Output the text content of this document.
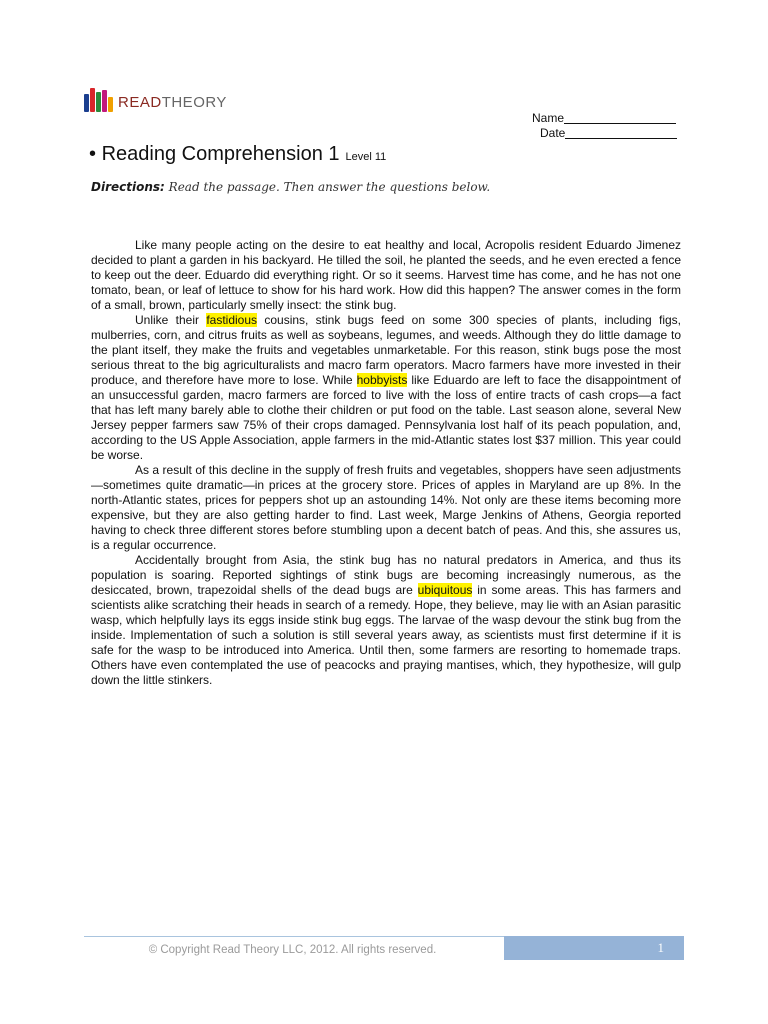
READTHEORY
Name
Date
• Reading Comprehension 1 Level 11
Directions: Read the passage. Then answer the questions below.

Like many people acting on the desire to eat healthy and local, Acropolis resident Eduardo Jimenez decided to plant a garden in his backyard. He tilled the soil, he planted the seeds, and he even erected a fence to keep out the deer. Eduardo did everything right. Or so it seems. Harvest time has come, and he has not one tomato, bean, or leaf of lettuce to show for his hard work. How did this happen? The answer comes in the form of a small, brown, particularly smelly insect: the stink bug.

Unlike their fastidious cousins, stink bugs feed on some 300 species of plants, including figs, mulberries, corn, and citrus fruits as well as soybeans, legumes, and weeds. Although they do little damage to the plant itself, they make the fruits and vegetables unmarketable. For this reason, stink bugs pose the most serious threat to the big agriculturalists and macro farm operators. Macro farmers have more invested in their produce, and therefore have more to lose. While hobbyists like Eduardo are left to face the disappointment of an unsuccessful garden, macro farmers are forced to live with the loss of entire tracts of cash crops—a fact that has left many barely able to clothe their children or put food on the table. Last season alone, several New Jersey pepper farmers saw 75% of their crops damaged. Pennsylvania lost half of its peach population, and, according to the US Apple Association, apple farmers in the mid-Atlantic states lost $37 million. This year could be worse.

As a result of this decline in the supply of fresh fruits and vegetables, shoppers have seen adjustments—sometimes quite dramatic—in prices at the grocery store. Prices of apples in Maryland are up 8%. In the north-Atlantic states, prices for peppers shot up an astounding 14%. Not only are these items becoming more expensive, but they are also getting harder to find. Last week, Marge Jenkins of Athens, Georgia reported having to check three different stores before stumbling upon a decent batch of peas. And this, she assures us, is a regular occurrence.

Accidentally brought from Asia, the stink bug has no natural predators in America, and thus its population is soaring. Reported sightings of stink bugs are becoming increasingly numerous, as the desiccated, brown, trapezoidal shells of the dead bugs are ubiquitous in some areas. This has farmers and scientists alike scratching their heads in search of a remedy. Hope, they believe, may lie with an Asian parasitic wasp, which helpfully lays its eggs inside stink bug eggs. The larvae of the wasp devour the stink bug from the inside. Implementation of such a solution is still several years away, as scientists must first determine if it is safe for the wasp to be introduced into America. Until then, some farmers are resorting to homemade traps. Others have even contemplated the use of peacocks and praying mantises, which, they hypothesize, will gulp down the little stinkers.

© Copyright Read Theory LLC, 2012. All rights reserved.	1
